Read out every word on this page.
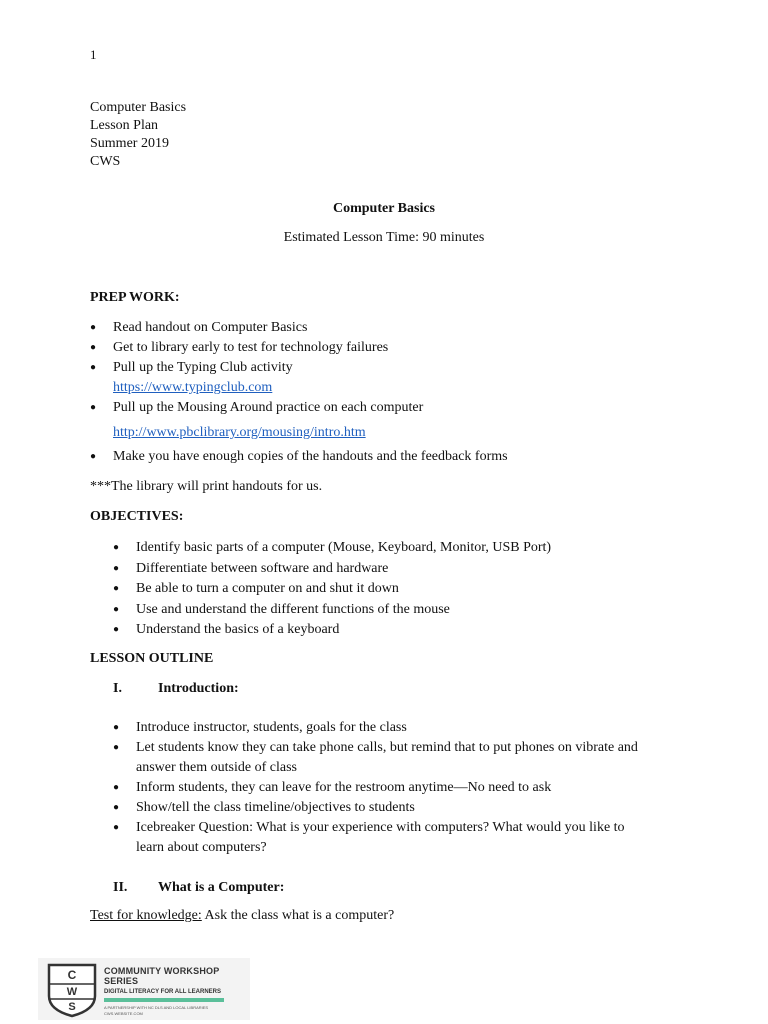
1
Computer Basics
Lesson Plan
Summer 2019
CWS
Computer Basics
Estimated Lesson Time: 90 minutes
PREP WORK:
● Read handout on Computer Basics
● Get to library early to test for technology failures
● Pull up the Typing Club activity
https://www.typingclub.com
● Pull up the Mousing Around practice on each computer
http://www.pbclibrary.org/mousing/intro.htm
● Make you have enough copies of the handouts and the feedback forms
***The library will print handouts for us.
OBJECTIVES:
● Identify basic parts of a computer (Mouse, Keyboard, Monitor, USB Port)
● Differentiate between software and hardware
● Be able to turn a computer on and shut it down
● Use and understand the different functions of the mouse
● Understand the basics of a keyboard
LESSON OUTLINE
I.	Introduction:
● Introduce instructor, students, goals for the class
● Let students know they can take phone calls, but remind that to put phones on vibrate and
answer them outside of class
● Inform students, they can leave for the restroom anytime—No need to ask
● Show/tell the class timeline/objectives to students
● Icebreaker Question: What is your experience with computers? What would you like to
learn about computers?
II. What is a Computer:
Test for knowledge: Ask the class what is a computer?
C
W
S
COMMUNITY WORKSHOP SERIES
DIGITAL LITERACY FOR ALL LEARNERS
A PARTNERSHIP WITH NC DLS AND LOCAL LIBRARIES
CWS.WEBSITE.COM
